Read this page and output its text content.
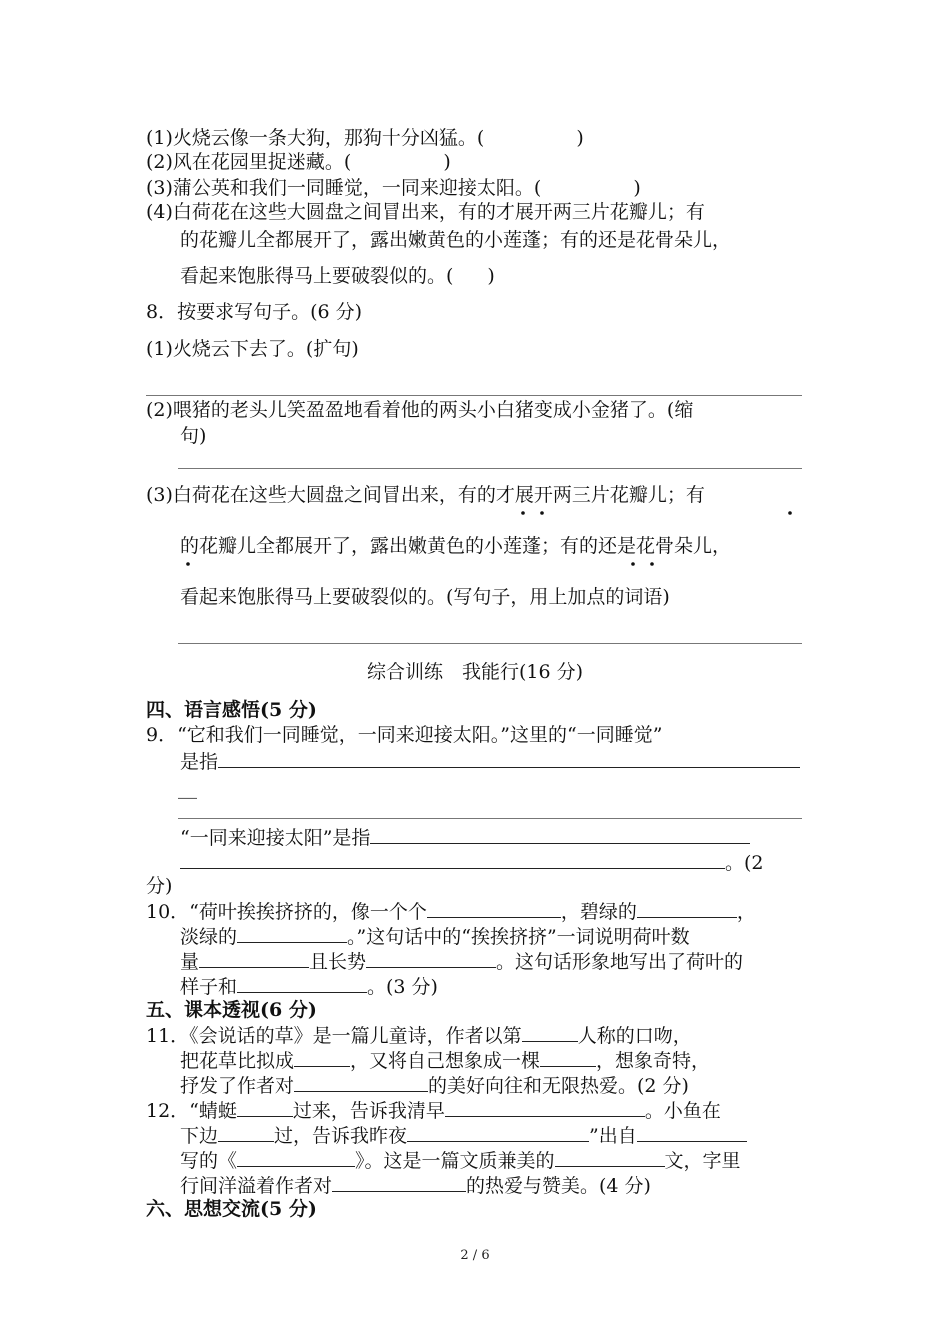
(1)火烧云像一条大狗，那狗十分凶猛。(	)
(2)风在花园里捉迷藏。(	)
(3)蒲公英和我们一同睡觉，一同来迎接太阳。(	)
(4)白荷花在这些大圆盘之间冒出来，有的才展开两三片花瓣儿；有
的花瓣儿全都展开了，露出嫩黄色的小莲蓬；有的还是花骨朵儿，
看起来饱胀得马上要破裂似的。( )
8．按要求写句子。(6 分)
(1)火烧云下去了。(扩句)
(2)喂猪的老头儿笑盈盈地看着他的两头小白猪变成小金猪了。(缩
句)
(3)白荷花在这些大圆盘之间冒出来，有的才展开两三片花瓣儿；有
的花瓣儿全都展开了，露出嫩黄色的小莲蓬；有的还是花骨朵儿，
看起来饱胀得马上要破裂似的。(写句子，用上加点的词语)
综合训练　我能行(16 分)
四、语言感悟(5 分)
9．“它和我们一同睡觉，一同来迎接太阳。”这里的“一同睡觉”
是指
__
“一同来迎接太阳”是指
。(2
分)
10．“荷叶挨挨挤挤的，像一个个	，碧绿的	，
淡绿的	。”这句话中的“挨挨挤挤”一词说明荷叶数
量	且长势	。这句话形象地写出了荷叶的
样子和	。(3 分)
五、课本透视(6 分)
11．《会说话的草》是一篇儿童诗，作者以第	人称的口吻，
把花草比拟成	，又将自己想象成一棵	，想象奇特，
抒发了作者对	的美好向往和无限热爱。(2 分)
12．“蜻蜓	过来，告诉我清早	。小鱼在
下边	过，告诉我昨夜	”出自
写的《	》。这是一篇文质兼美的	文，字里
行间洋溢着作者对	的热爱与赞美。(4 分)
六、思想交流(5 分)
2 / 6
